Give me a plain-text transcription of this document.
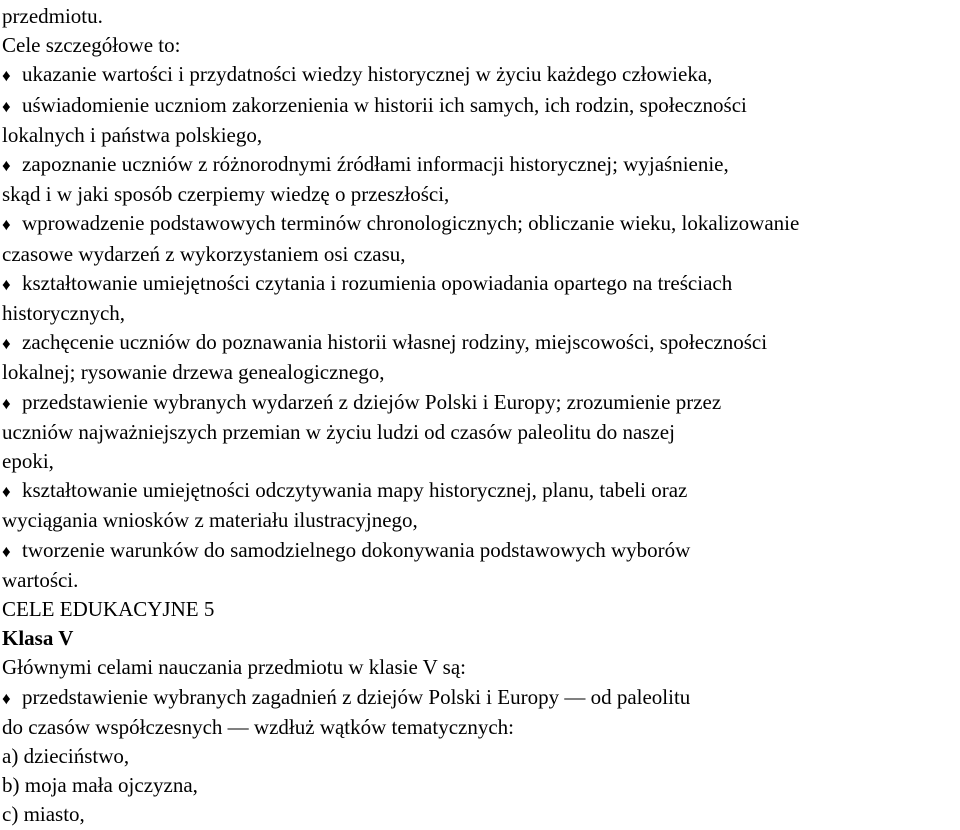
przedmiotu.
Cele szczegółowe to:
♦ ukazanie wartości i przydatności wiedzy historycznej w życiu każdego człowieka,
♦ uświadomienie uczniom zakorzenienia w historii ich samych, ich rodzin, społeczności
lokalnych i państwa polskiego,
♦ zapoznanie uczniów z różnorodnymi źródłami informacji historycznej; wyjaśnienie,
skąd i w jaki sposób czerpiemy wiedzę o przeszłości,
♦ wprowadzenie podstawowych terminów chronologicznych; obliczanie wieku, lokalizowanie
czasowe wydarzeń z wykorzystaniem osi czasu,
♦ kształtowanie umiejętności czytania i rozumienia opowiadania opartego na treściach
historycznych,
♦ zachęcenie uczniów do poznawania historii własnej rodziny, miejscowości, społeczności
lokalnej; rysowanie drzewa genealogicznego,
♦ przedstawienie wybranych wydarzeń z dziejów Polski i Europy; zrozumienie przez
uczniów najważniejszych przemian w życiu ludzi od czasów paleolitu do naszej
epoki,
♦ kształtowanie umiejętności odczytywania mapy historycznej, planu, tabeli oraz
wyciągania wniosków z materiału ilustracyjnego,
♦ tworzenie warunków do samodzielnego dokonywania podstawowych wyborów
wartości.
CELE EDUKACYJNE 5
Klasa V
Głównymi celami nauczania przedmiotu w klasie V są:
♦ przedstawienie wybranych zagadnień z dziejów Polski i Europy — od paleolitu
do czasów współczesnych — wzdłuż wątków tematycznych:
a) dzieciństwo,
b) moja mała ojczyzna,
c) miasto,
